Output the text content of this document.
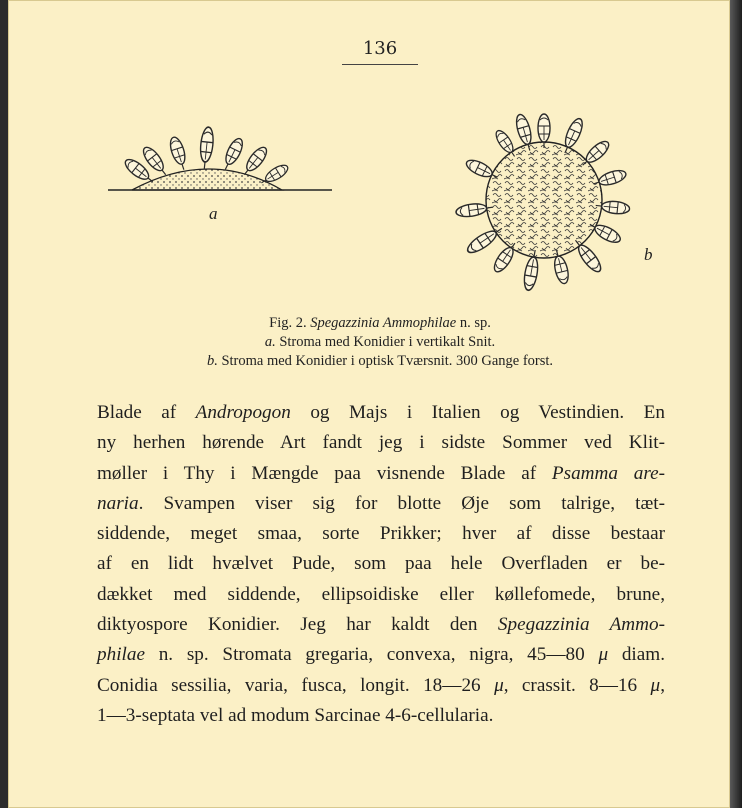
136
a
b
Fig. 2. Spegazzinia Ammophilae n. sp.
a. Stroma med Konidier i vertikalt Snit.
b. Stroma med Konidier i optisk Tværsnit. 300 Gange forst.
Blade af Andropogon og Majs i Italien og Vestindien. En
ny herhen hørende Art fandt jeg i sidste Sommer ved Klit-
møller i Thy i Mængde paa visnende Blade af Psamma are-
naria. Svampen viser sig for blotte Øje som talrige, tæt-
siddende, meget smaa, sorte Prikker; hver af disse bestaar
af en lidt hvælvet Pude, som paa hele Overfladen er be-
dækket med siddende, ellipsoidiske eller køllefomede, brune,
diktyospore Konidier. Jeg har kaldt den Spegazzinia Ammo-
philae n. sp. Stromata gregaria, convexa, nigra, 45—80 μ diam.
Conidia sessilia, varia, fusca, longit. 18—26 μ, crassit. 8—16 μ,
1—3-septata vel ad modum Sarcinae 4-6-cellularia.
